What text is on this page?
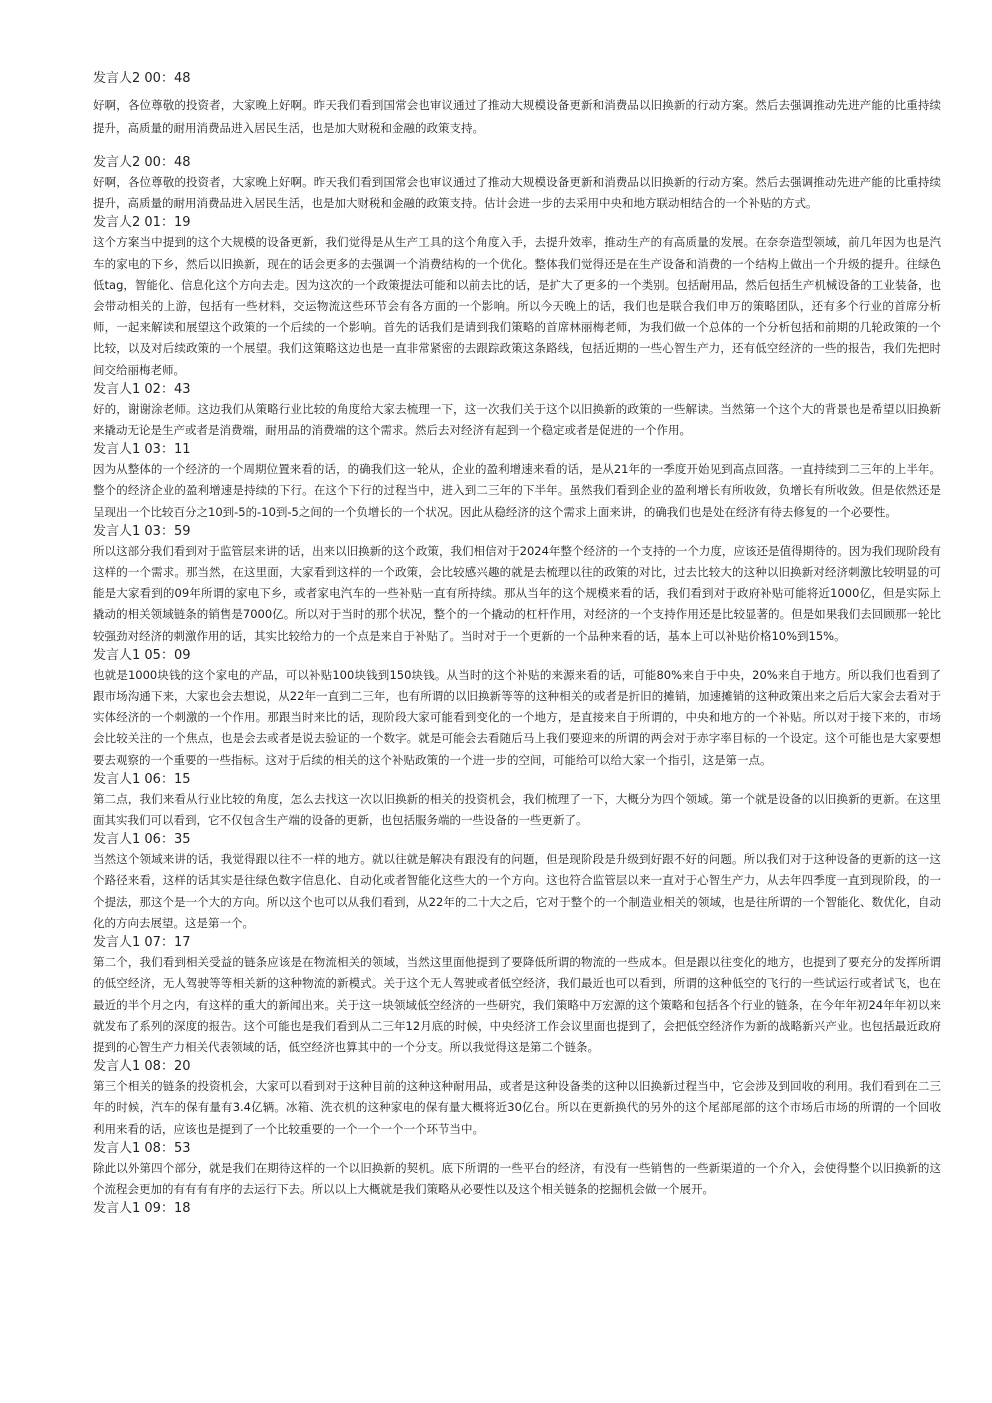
发言人2 00：48

好啊，各位尊敬的投资者，大家晚上好啊。昨天我们看到国常会也审议通过了推动大规模设备更新和消费品以旧换新的行动方案。然后去强调推动先进产能的比重持续提升，高质量的耐用消费品进入居民生活，也是加大财税和金融的政策支持。

发言人2 00：48

好啊，各位尊敬的投资者，大家晚上好啊。昨天我们看到国常会也审议通过了推动大规模设备更新和消费品以旧换新的行动方案。然后去强调推动先进产能的比重持续提升，高质量的耐用消费品进入居民生活，也是加大财税和金融的政策支持。估计会进一步的去采用中央和地方联动相结合的一个补贴的方式。

发言人2 01：19

这个方案当中提到的这个大规模的设备更新，我们觉得是从生产工具的这个角度入手，去提升效率，推动生产的有高质量的发展。在奈奈造型领域，前几年因为也是汽车的家电的下乡，然后以旧换新，现在的话会更多的去强调一个消费结构的一个优化。整体我们觉得还是在生产设备和消费的一个结构上做出一个升级的提升。往绿色低tag，智能化、信息化这个方向去走。因为这次的一个政策提法可能和以前去比的话，是扩大了更多的一个类别。包括耐用品，然后包括生产机械设备的工业装备，也会带动相关的上游，包括有一些材料，交运物流这些环节会有各方面的一个影响。所以今天晚上的话，我们也是联合我们申万的策略团队，还有多个行业的首席分析师，一起来解读和展望这个政策的一个后续的一个影响。首先的话我们是请到我们策略的首席林丽梅老师，为我们做一个总体的一个分析包括和前期的几轮政策的一个比较，以及对后续政策的一个展望。我们这策略这边也是一直非常紧密的去跟踪政策这条路线，包括近期的一些心智生产力，还有低空经济的一些的报告，我们先把时间交给丽梅老师。

发言人1 02：43

好的，谢谢涂老师。这边我们从策略行业比较的角度给大家去梳理一下，这一次我们关于这个以旧换新的政策的一些解读。当然第一个这个大的背景也是希望以旧换新来撬动无论是生产或者是消费端，耐用品的消费端的这个需求。然后去对经济有起到一个稳定或者是促进的一个作用。

发言人1 03：11

因为从整体的一个经济的一个周期位置来看的话，的确我们这一轮从，企业的盈利增速来看的话，是从21年的一季度开始见到高点回落。一直持续到二三年的上半年。整个的经济企业的盈利增速是持续的下行。在这个下行的过程当中，进入到二三年的下半年。虽然我们看到企业的盈利增长有所收敛，负增长有所收敛。但是依然还是呈现出一个比较百分之10到-5的-10到-5之间的一个负增长的一个状况。因此从稳经济的这个需求上面来讲，的确我们也是处在经济有待去修复的一个必要性。

发言人1 03：59

所以这部分我们看到对于监管层来讲的话，出来以旧换新的这个政策，我们相信对于2024年整个经济的一个支持的一个力度，应该还是值得期待的。因为我们现阶段有这样的一个需求。那当然，在这里面，大家看到这样的一个政策，会比较感兴趣的就是去梳理以往的政策的对比，过去比较大的这种以旧换新对经济刺激比较明显的可能是大家看到的09年所谓的家电下乡，或者家电汽车的一些补贴一直有所持续。那从当年的这个规模来看的话，我们看到对于政府补贴可能将近1000亿，但是实际上撬动的相关领域链条的销售是7000亿。所以对于当时的那个状况，整个的一个撬动的杠杆作用，对经济的一个支持作用还是比较显著的。但是如果我们去回顾那一轮比较强劲对经济的刺激作用的话，其实比较给力的一个点是来自于补贴了。当时对于一个更新的一个品种来看的话，基本上可以补贴价格10%到15%。

发言人1 05：09

也就是1000块钱的这个家电的产品，可以补贴100块钱到150块钱。从当时的这个补贴的来源来看的话，可能80%来自于中央，20%来自于地方。所以我们也看到了跟市场沟通下来，大家也会去想说，从22年一直到二三年，也有所谓的以旧换新等等的这种相关的或者是折旧的摊销，加速摊销的这种政策出来之后后大家会去看对于实体经济的一个刺激的一个作用。那跟当时来比的话，现阶段大家可能看到变化的一个地方，是直接来自于所谓的，中央和地方的一个补贴。所以对于接下来的，市场会比较关注的一个焦点，也是会去或者是说去验证的一个数字。就是可能会去看随后马上我们要迎来的所谓的两会对于赤字率目标的一个设定。这个可能也是大家要想要去观察的一个重要的一些指标。这对于后续的相关的这个补贴政策的一个进一步的空间，可能给可以给大家一个指引，这是第一点。

发言人1 06：15

第二点，我们来看从行业比较的角度，怎么去找这一次以旧换新的相关的投资机会，我们梳理了一下，大概分为四个领域。第一个就是设备的以旧换新的更新。在这里面其实我们可以看到，它不仅包含生产端的设备的更新，也包括服务端的一些设备的一些更新了。

发言人1 06：35

当然这个领域来讲的话，我觉得跟以往不一样的地方。就以往就是解决有跟没有的问题，但是现阶段是升级到好跟不好的问题。所以我们对于这种设备的更新的这一这个路径来看，这样的话其实是往绿色数字信息化、自动化或者智能化这些大的一个方向。这也符合监管层以来一直对于心智生产力，从去年四季度一直到现阶段，的一个提法，那这个是一个大的方向。所以这个也可以从我们看到，从22年的二十大之后，它对于整个的一个制造业相关的领域，也是往所谓的一个智能化、数优化，自动化的方向去展望。这是第一个。

发言人1 07：17

第二个，我们看到相关受益的链条应该是在物流相关的领域，当然这里面他提到了要降低所谓的物流的一些成本。但是跟以往变化的地方，也提到了要充分的发挥所谓的低空经济，无人驾驶等等相关新的这种物流的新模式。关于这个无人驾驶或者低空经济，我们最近也可以看到，所谓的这种低空的飞行的一些试运行或者试飞，也在最近的半个月之内，有这样的重大的新闻出来。关于这一块领域低空经济的一些研究，我们策略中万宏源的这个策略和包括各个行业的链条，在今年年初24年年初以来就发布了系列的深度的报告。这个可能也是我们看到从二三年12月底的时候，中央经济工作会议里面也提到了，会把低空经济作为新的战略新兴产业。也包括最近政府提到的心智生产力相关代表领域的话，低空经济也算其中的一个分支。所以我觉得这是第二个链条。

发言人1 08：20

第三个相关的链条的投资机会，大家可以看到对于这种目前的这种这种耐用品，或者是这种设备类的这种以旧换新过程当中，它会涉及到回收的利用。我们看到在二三年的时候，汽车的保有量有3.4亿辆。冰箱、洗衣机的这种家电的保有量大概将近30亿台。所以在更新换代的另外的这个尾部尾部的这个市场后市场的所谓的一个回收利用来看的话，应该也是提到了一个比较重要的一个一个一个一个环节当中。

发言人1 08：53

除此以外第四个部分，就是我们在期待这样的一个以旧换新的契机。底下所谓的一些平台的经济，有没有一些销售的一些新渠道的一个介入，会使得整个以旧换新的这个流程会更加的有有有有序的去运行下去。所以以上大概就是我们策略从必要性以及这个相关链条的挖掘机会做一个展开。

发言人1 09：18
